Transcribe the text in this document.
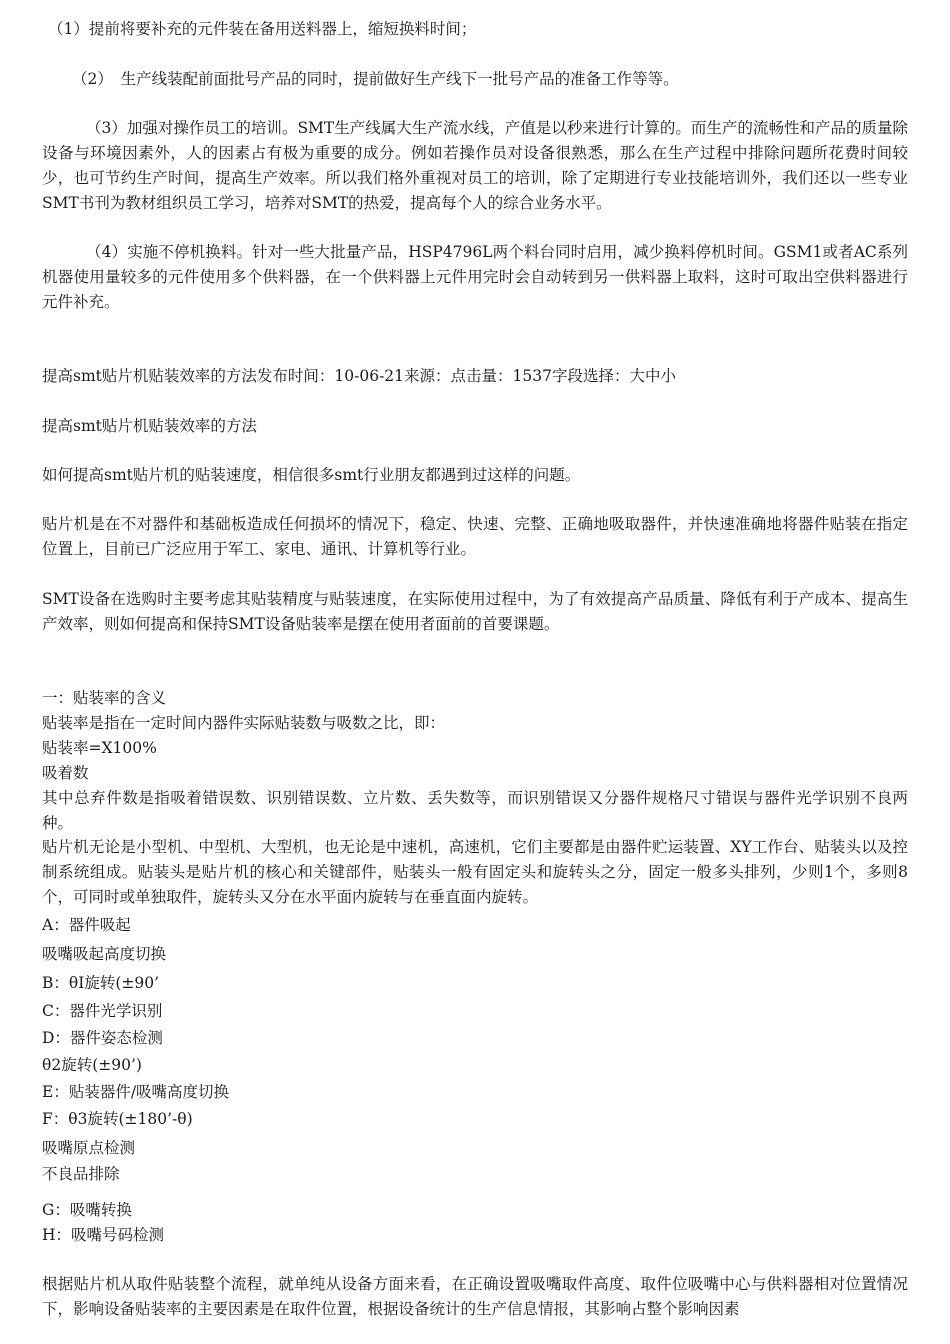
（1）提前将要补充的元件装在备用送料器上，缩短换料时间；
（2）　生产线装配前面批号产品的同时，提前做好生产线下一批号产品的准备工作等等。
（3）加强对操作员工的培训。SMT生产线属大生产流水线，产值是以秒来进行计算的。而生产的流畅性和产品的质量除设备与环境因素外，人的因素占有极为重要的成分。例如若操作员对设备很熟悉，那么在生产过程中排除问题所花费时间较少，也可节约生产时间，提高生产效率。所以我们格外重视对员工的培训，除了定期进行专业技能培训外，我们还以一些专业SMT书刊为教材组织员工学习，培养对SMT的热爱，提高每个人的综合业务水平。
（4）实施不停机换料。针对一些大批量产品，HSP4796L两个料台同时启用，减少换料停机时间。GSM1或者AC系列机器使用量较多的元件使用多个供料器，在一个供料器上元件用完时会自动转到另一供料器上取料，这时可取出空供料器进行元件补充。
提高smt贴片机贴装效率的方法发布时间：10-06-21来源：点击量：1537字段选择：大中小
提高smt贴片机贴装效率的方法
如何提高smt贴片机的贴装速度，相信很多smt行业朋友都遇到过这样的问题。
贴片机是在不对器件和基础板造成任何损坏的情况下，稳定、快速、完整、正确地吸取器件，并快速准确地将器件贴装在指定位置上，目前已广泛应用于军工、家电、通讯、计算机等行业。
SMT设备在选购时主要考虑其贴装精度与贴装速度，在实际使用过程中，为了有效提高产品质量、降低有利于产成本、提高生产效率，则如何提高和保持SMT设备贴装率是摆在使用者面前的首要课题。
一：贴装率的含义
贴装率是指在一定时间内器件实际贴装数与吸数之比，即：
贴装率=X100%
吸着数
其中总弃件数是指吸着错误数、识别错误数、立片数、丢失数等，而识别错误又分器件规格尺寸错误与器件光学识别不良两种。
贴片机无论是小型机、中型机、大型机，也无论是中速机，高速机，它们主要都是由器件贮运装置、XY工作台、贴装头以及控制系统组成。贴装头是贴片机的核心和关键部件，贴装头一般有固定头和旋转头之分，固定一般多头排列，少则1个，多则8个，可同时或单独取件，旋转头又分在水平面内旋转与在垂直面内旋转。
A：器件吸起
吸嘴吸起高度切换
B：θI旋转(±90’
C：器件光学识别
D：器件姿态检测
θ2旋转(±90’)
E：贴装器件/吸嘴高度切换
F：θ3旋转(±180’-θ)
吸嘴原点检测
不良品排除
G：吸嘴转换
H：吸嘴号码检测
根据贴片机从取件贴装整个流程，就单纯从设备方面来看，在正确设置吸嘴取件高度、取件位吸嘴中心与供料器相对位置情况下，影响设备贴装率的主要因素是在取件位置，根据设备统计的生产信息情报，其影响占整个影响因素
